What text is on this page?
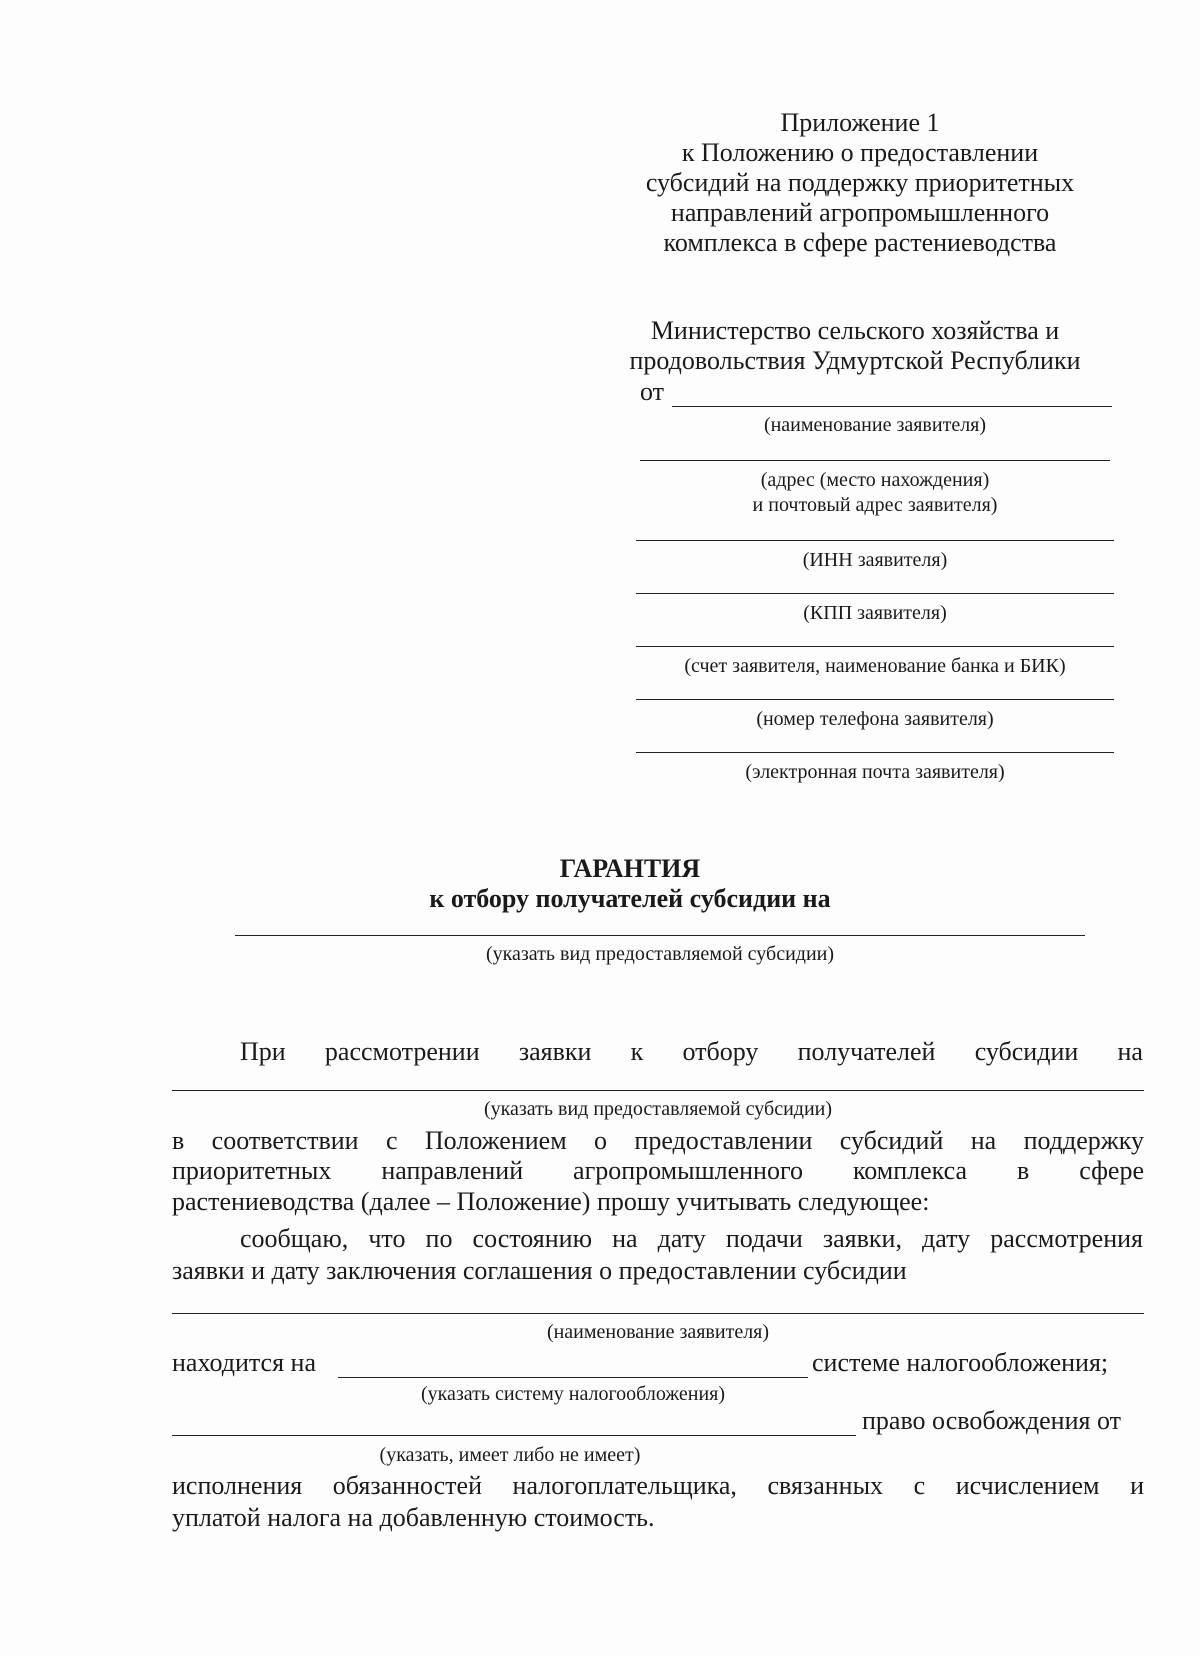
Приложение 1
к Положению о предоставлении
субсидий на поддержку приоритетных
направлений агропромышленного
комплекса в сфере растениеводства
Министерство сельского хозяйства и
продовольствия Удмуртской Республики
от
(наименование заявителя)
(адрес (место нахождения)
и почтовый адрес заявителя)
(ИНН заявителя)
(КПП заявителя)
(счет заявителя, наименование банка и БИК)
(номер телефона заявителя)
(электронная почта заявителя)
ГАРАНТИЯ
к отбору получателей субсидии на
(указать вид предоставляемой субсидии)
При рассмотрении заявки к отбору получателей субсидии на
(указать вид предоставляемой субсидии)
в соответствии с Положением о предоставлении субсидий на поддержку
приоритетных направлений агропромышленного комплекса в сфере
растениеводства (далее – Положение) прошу учитывать следующее:
сообщаю, что по состоянию на дату подачи заявки, дату рассмотрения
заявки и дату заключения соглашения о предоставлении субсидии
(наименование заявителя)
находится на	системе налогообложения;
(указать систему налогообложения)
право освобождения от
(указать, имеет либо не имеет)
исполнения обязанностей налогоплательщика, связанных с исчислением и
уплатой налога на добавленную стоимость.
